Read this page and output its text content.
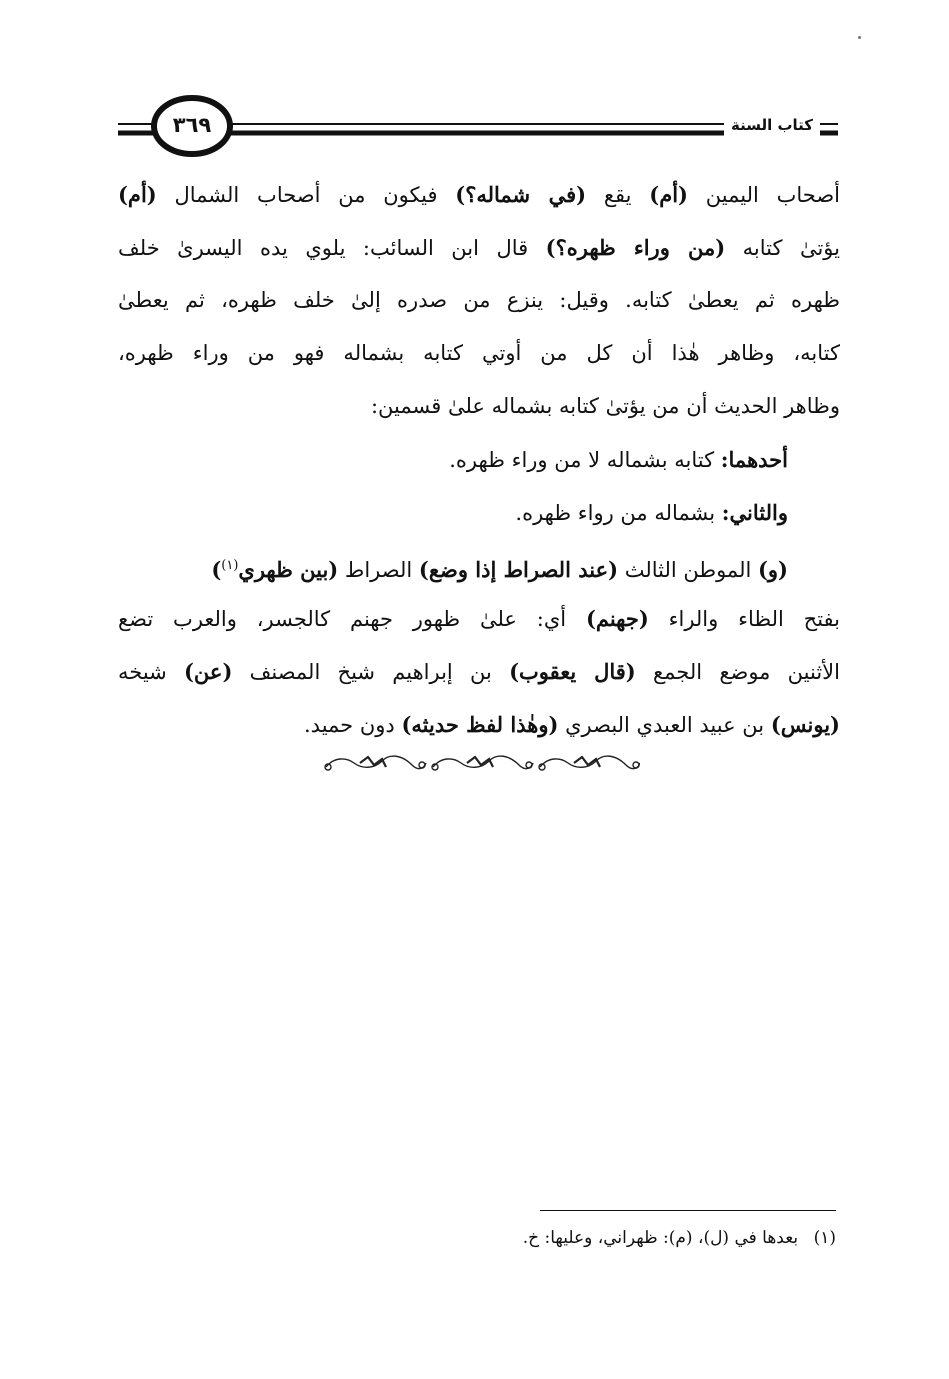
كتاب السنة
٣٦٩
أصحاب اليمين (أم) يقع (في شماله؟) فيكون من أصحاب الشمال (أم)
يؤتىٰ كتابه (من وراء ظهره؟) قال ابن السائب: يلوي يده اليسرىٰ خلف
ظهره ثم يعطىٰ كتابه. وقيل: ينزع من صدره إلىٰ خلف ظهره، ثم يعطىٰ
كتابه، وظاهر هٰذا أن كل من أوتي كتابه بشماله فهو من وراء ظهره،
وظاهر الحديث أن من يؤتىٰ كتابه بشماله علىٰ قسمين:
أحدهما: كتابه بشماله لا من وراء ظهره.
والثاني: بشماله من رواء ظهره.
(و) الموطن الثالث (عند الصراط إذا وضع) الصراط (بين ظهري$^{(١)}$)
بفتح الظاء والراء (جهنم) أي: علىٰ ظهور جهنم كالجسر، والعرب تضع
الأثنين موضع الجمع (قال يعقوب) بن إبراهيم شيخ المصنف (عن) شيخه
(يونس) بن عبيد العبدي البصري (وهٰذا لفظ حديثه) دون حميد.
(١) بعدها في (ل)، (م): ظهراني، وعليها: خ.
